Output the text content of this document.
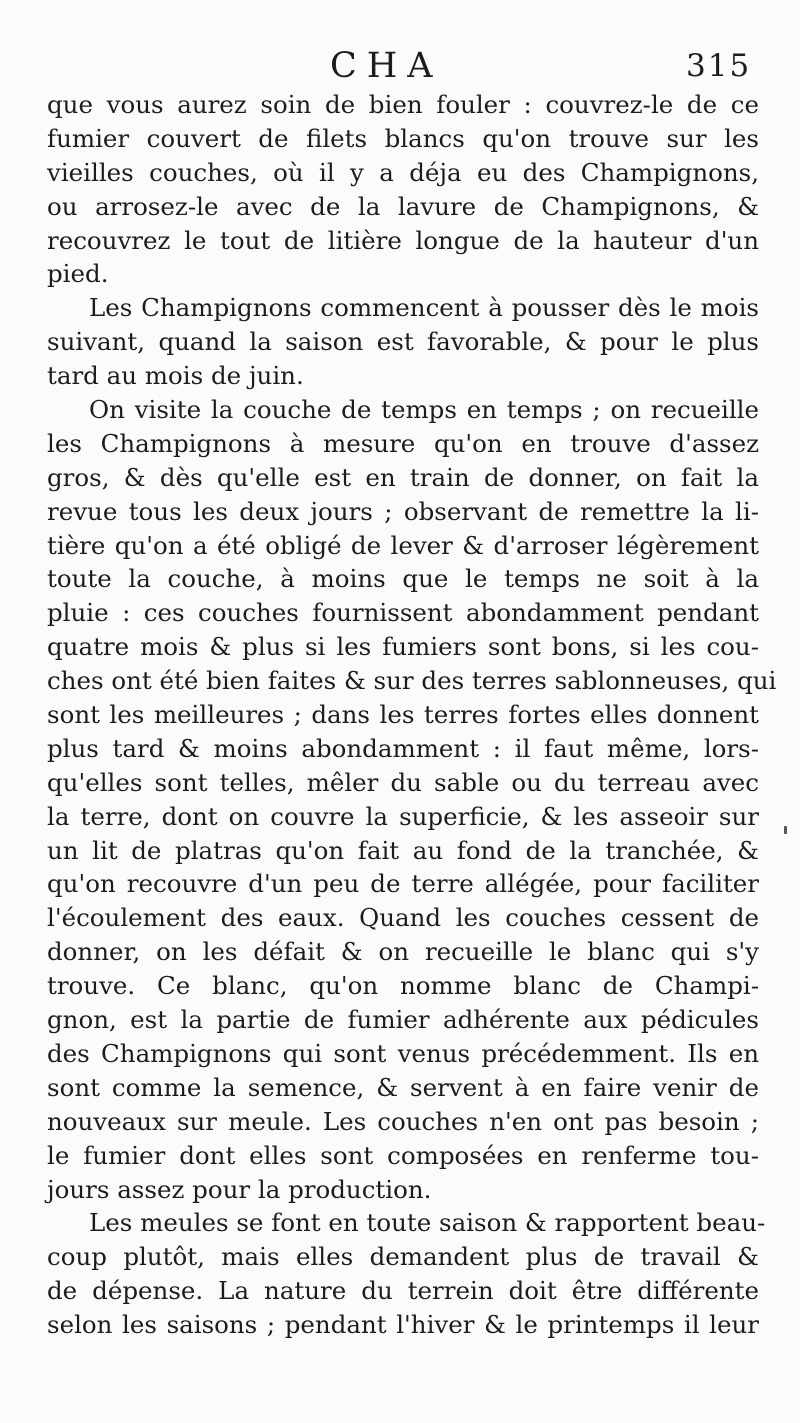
CHA	315
que vous aurez soin de bien fouler : couvrez-le de ce
fumier couvert de filets blancs qu'on trouve sur les
vieilles couches, où il y a déja eu des Champignons,
ou arrosez-le avec de la lavure de Champignons, &
recouvrez le tout de litière longue de la hauteur d'un
pied.
Les Champignons commencent à pousser dès le mois
suivant, quand la saison est favorable, & pour le plus
tard au mois de juin.
On visite la couche de temps en temps ; on recueille
les Champignons à mesure qu'on en trouve d'assez
gros, & dès qu'elle est en train de donner, on fait la
revue tous les deux jours ; observant de remettre la li-
tière qu'on a été obligé de lever & d'arroser légèrement
toute la couche, à moins que le temps ne soit à la
pluie : ces couches fournissent abondamment pendant
quatre mois & plus si les fumiers sont bons, si les cou-
ches ont été bien faites & sur des terres sablonneuses, qui
sont les meilleures ; dans les terres fortes elles donnent
plus tard & moins abondamment : il faut même, lors-
qu'elles sont telles, mêler du sable ou du terreau avec
la terre, dont on couvre la superficie, & les asseoir sur
un lit de platras qu'on fait au fond de la tranchée, &
qu'on recouvre d'un peu de terre allégée, pour faciliter
l'écoulement des eaux. Quand les couches cessent de
donner, on les défait & on recueille le blanc qui s'y
trouve. Ce blanc, qu'on nomme blanc de Champi-
gnon, est la partie de fumier adhérente aux pédicules
des Champignons qui sont venus précédemment. Ils en
sont comme la semence, & servent à en faire venir de
nouveaux sur meule. Les couches n'en ont pas besoin ;
le fumier dont elles sont composées en renferme tou-
jours assez pour la production.
Les meules se font en toute saison & rapportent beau-
coup plutôt, mais elles demandent plus de travail &
de dépense. La nature du terrein doit être différente
selon les saisons ; pendant l'hiver & le printemps il leur
